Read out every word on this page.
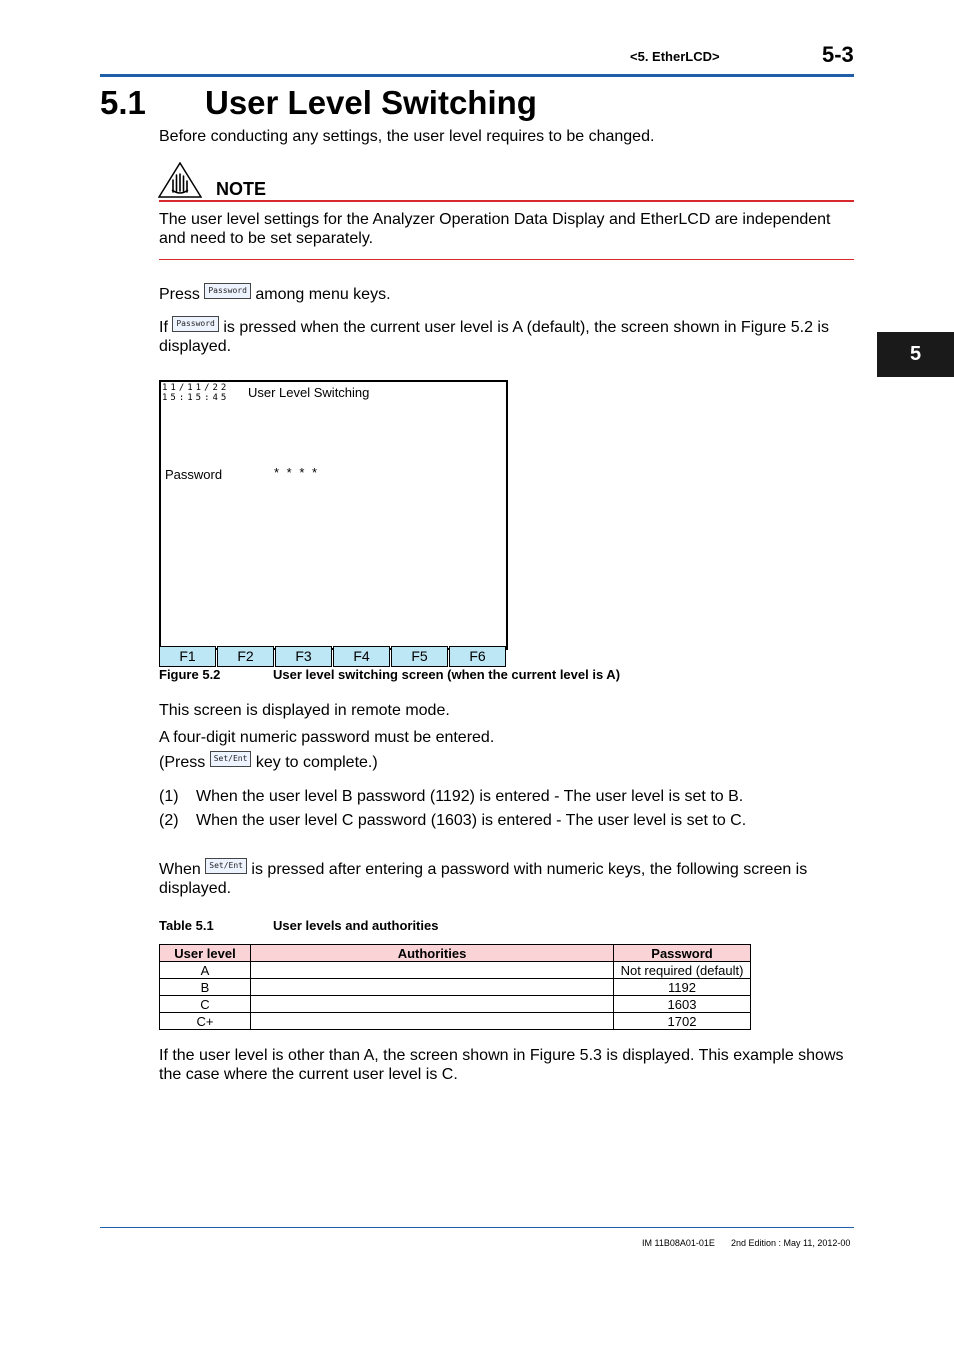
<5. EtherLCD>	5-3
5.1 User Level Switching
Before conducting any settings, the user level requires to be changed.
NOTE
The user level settings for the Analyzer Operation Data Display and EtherLCD are independent and need to be set separately.
Press Password among menu keys.
If Password is pressed when the current user level is A (default), the screen shown in Figure 5.2 is displayed.
11/11/22
15:15:45 User Level Switching
Password	* * * *
F1	F2	F3	F4	F5	F6
Figure 5.2	User level switching screen (when the current level is A)
This screen is displayed in remote mode.
A four-digit numeric password must be entered.
(Press Set/Ent key to complete.)
(1) When the user level B password (1192) is entered - The user level is set to B.
(2) When the user level C password (1603) is entered - The user level is set to C.
When Set/Ent is pressed after entering a password with numeric keys, the following screen is displayed.
Table 5.1	User levels and authorities
User level	Authorities	Password
A		Not required (default)
B		1192
C		1603
C+		1702
If the user level is other than A, the screen shown in Figure 5.3 is displayed. This example shows the case where the current user level is C.
5
IM 11B08A01-01E 2nd Edition : May 11, 2012-00
